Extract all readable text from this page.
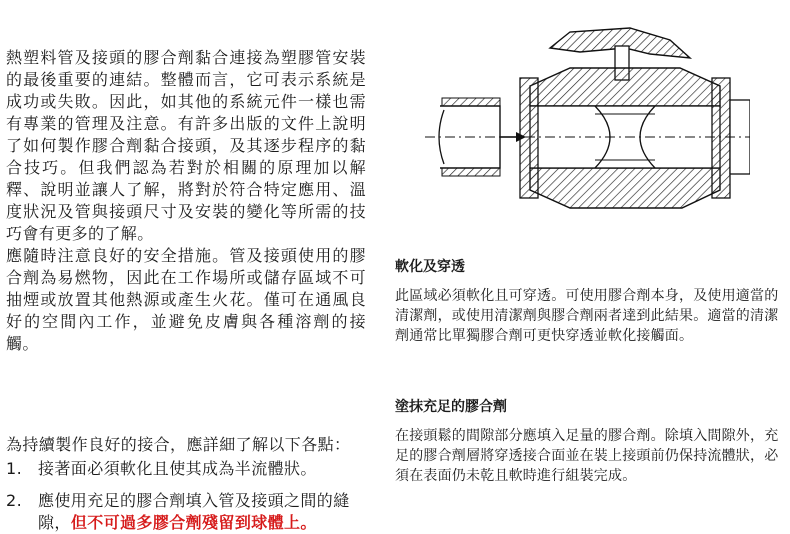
熱塑料管及接頭的膠合劑黏合連接為塑膠管安裝的最後重要的連結。整體而言，它可表示系統是成功或失敗。因此，如其他的系統元件一樣也需有專業的管理及注意。有許多出版的文件上說明了如何製作膠合劑黏合接頭，及其逐步程序的黏合技巧。但我們認為若對於相關的原理加以解釋、說明並讓人了解，將對於符合特定應用、溫度狀況及管與接頭尺寸及安裝的變化等所需的技巧會有更多的了解。

應隨時注意良好的安全措施。管及接頭使用的膠合劑為易燃物，因此在工作場所或儲存區域不可抽煙或放置其他熱源或產生火花。僅可在通風良好的空間內工作，並避免皮膚與各種溶劑的接觸。

為持續製作良好的接合，應詳細了解以下各點：
1. 接著面必須軟化且使其成為半流體狀。
2. 應使用充足的膠合劑填入管及接頭之間的縫隙，但不可過多膠合劑殘留到球體上。

軟化及穿透

此區域必須軟化且可穿透。可使用膠合劑本身，及使用適當的清潔劑，或使用清潔劑與膠合劑兩者達到此結果。適當的清潔劑通常比單獨膠合劑可更快穿透並軟化接觸面。

塗抹充足的膠合劑

在接頭鬆的間隙部分應填入足量的膠合劑。除填入間隙外，充足的膠合劑層將穿透接合面並在裝上接頭前仍保持流體狀，必須在表面仍未乾且軟時進行組裝完成。
